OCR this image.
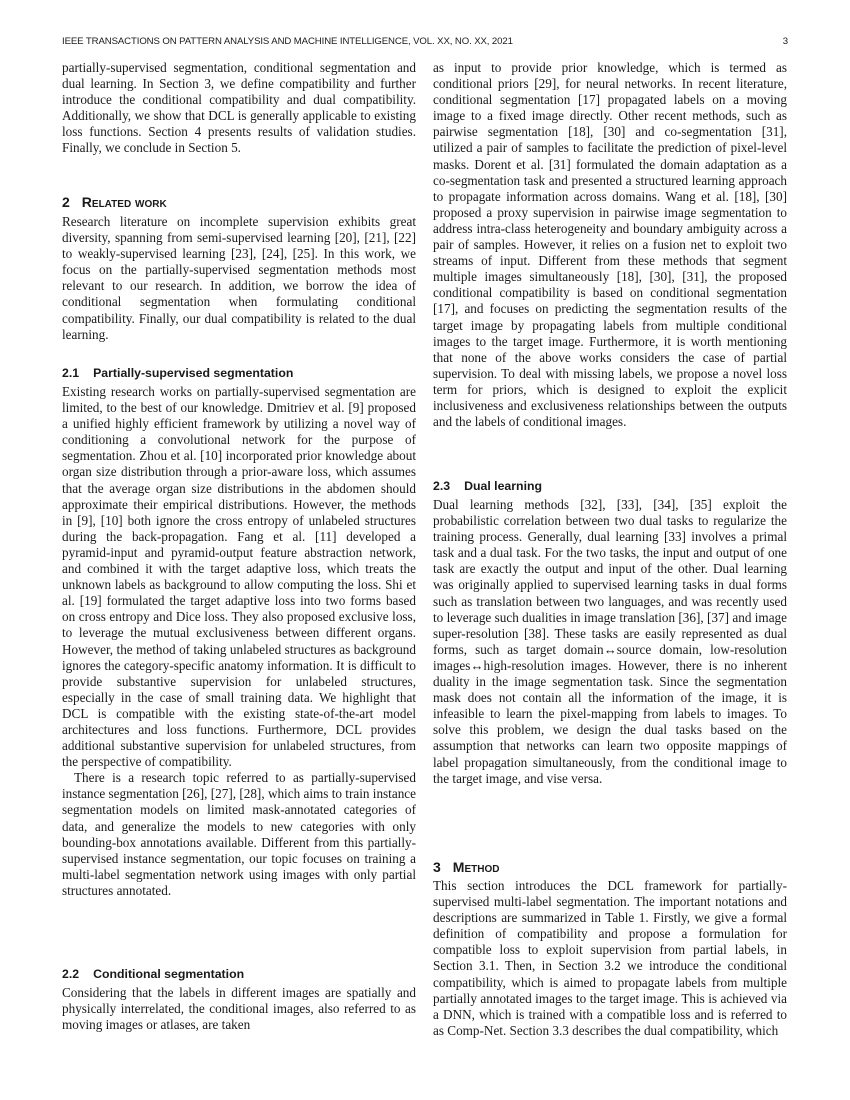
IEEE TRANSACTIONS ON PATTERN ANALYSIS AND MACHINE INTELLIGENCE, VOL. XX, NO. XX, 2021	3

partially-supervised segmentation, conditional segmentation and dual learning. In Section 3, we define compatibility and further introduce the conditional compatibility and dual compatibility. Additionally, we show that DCL is generally applicable to existing loss functions. Section 4 presents results of validation studies. Finally, we conclude in Section 5.

2 Related work

Research literature on incomplete supervision exhibits great diversity, spanning from semi-supervised learning [20], [21], [22] to weakly-supervised learning [23], [24], [25]. In this work, we focus on the partially-supervised segmentation methods most relevant to our research. In addition, we borrow the idea of conditional segmentation when formulating conditional compatibility. Finally, our dual compatibility is related to the dual learning.

2.1 Partially-supervised segmentation

Existing research works on partially-supervised segmentation are limited, to the best of our knowledge. Dmitriev et al. [9] proposed a unified highly efficient framework by utilizing a novel way of conditioning a convolutional network for the purpose of segmentation. Zhou et al. [10] incorporated prior knowledge about organ size distribution through a prior-aware loss, which assumes that the average organ size distributions in the abdomen should approximate their empirical distributions. However, the methods in [9], [10] both ignore the cross entropy of unlabeled structures during the back-propagation. Fang et al. [11] developed a pyramid-input and pyramid-output feature abstraction network, and combined it with the target adaptive loss, which treats the unknown labels as background to allow computing the loss. Shi et al. [19] formulated the target adaptive loss into two forms based on cross entropy and Dice loss. They also proposed exclusive loss, to leverage the mutual exclusiveness between different organs. However, the method of taking unlabeled structures as background ignores the category-specific anatomy information. It is difficult to provide substantive supervision for unlabeled structures, especially in the case of small training data. We highlight that DCL is compatible with the existing state-of-the-art model architectures and loss functions. Furthermore, DCL provides additional substantive supervision for unlabeled structures, from the perspective of compatibility.

There is a research topic referred to as partially-supervised instance segmentation [26], [27], [28], which aims to train instance segmentation models on limited mask-annotated categories of data, and generalize the models to new categories with only bounding-box annotations available. Different from this partially-supervised instance segmentation, our topic focuses on training a multi-label segmentation network using images with only partial structures annotated.

2.2 Conditional segmentation

Considering that the labels in different images are spatially and physically interrelated, the conditional images, also referred to as moving images or atlases, are taken

as input to provide prior knowledge, which is termed as conditional priors [29], for neural networks. In recent literature, conditional segmentation [17] propagated labels on a moving image to a fixed image directly. Other recent methods, such as pairwise segmentation [18], [30] and co-segmentation [31], utilized a pair of samples to facilitate the prediction of pixel-level masks. Dorent et al. [31] formulated the domain adaptation as a co-segmentation task and presented a structured learning approach to propagate information across domains. Wang et al. [18], [30] proposed a proxy supervision in pairwise image segmentation to address intra-class heterogeneity and boundary ambiguity across a pair of samples. However, it relies on a fusion net to exploit two streams of input. Different from these methods that segment multiple images simultaneously [18], [30], [31], the proposed conditional compatibility is based on conditional segmentation [17], and focuses on predicting the segmentation results of the target image by propagating labels from multiple conditional images to the target image. Furthermore, it is worth mentioning that none of the above works considers the case of partial supervision. To deal with missing labels, we propose a novel loss term for priors, which is designed to exploit the explicit inclusiveness and exclusiveness relationships between the outputs and the labels of conditional images.

2.3 Dual learning

Dual learning methods [32], [33], [34], [35] exploit the probabilistic correlation between two dual tasks to regularize the training process. Generally, dual learning [33] involves a primal task and a dual task. For the two tasks, the input and output of one task are exactly the output and input of the other. Dual learning was originally applied to supervised learning tasks in dual forms such as translation between two languages, and was recently used to leverage such dualities in image translation [36], [37] and image super-resolution [38]. These tasks are easily represented as dual forms, such as target domain↔source domain, low-resolution images↔high-resolution images. However, there is no inherent duality in the image segmentation task. Since the segmentation mask does not contain all the information of the image, it is infeasible to learn the pixel-mapping from labels to images. To solve this problem, we design the dual tasks based on the assumption that networks can learn two opposite mappings of label propagation simultaneously, from the conditional image to the target image, and vise versa.

3 Method

This section introduces the DCL framework for partially-supervised multi-label segmentation. The important notations and descriptions are summarized in Table 1. Firstly, we give a formal definition of compatibility and propose a formulation for compatible loss to exploit supervision from partial labels, in Section 3.1. Then, in Section 3.2 we introduce the conditional compatibility, which is aimed to propagate labels from multiple partially annotated images to the target image. This is achieved via a DNN, which is trained with a compatible loss and is referred to as Comp-Net. Section 3.3 describes the dual compatibility, which
